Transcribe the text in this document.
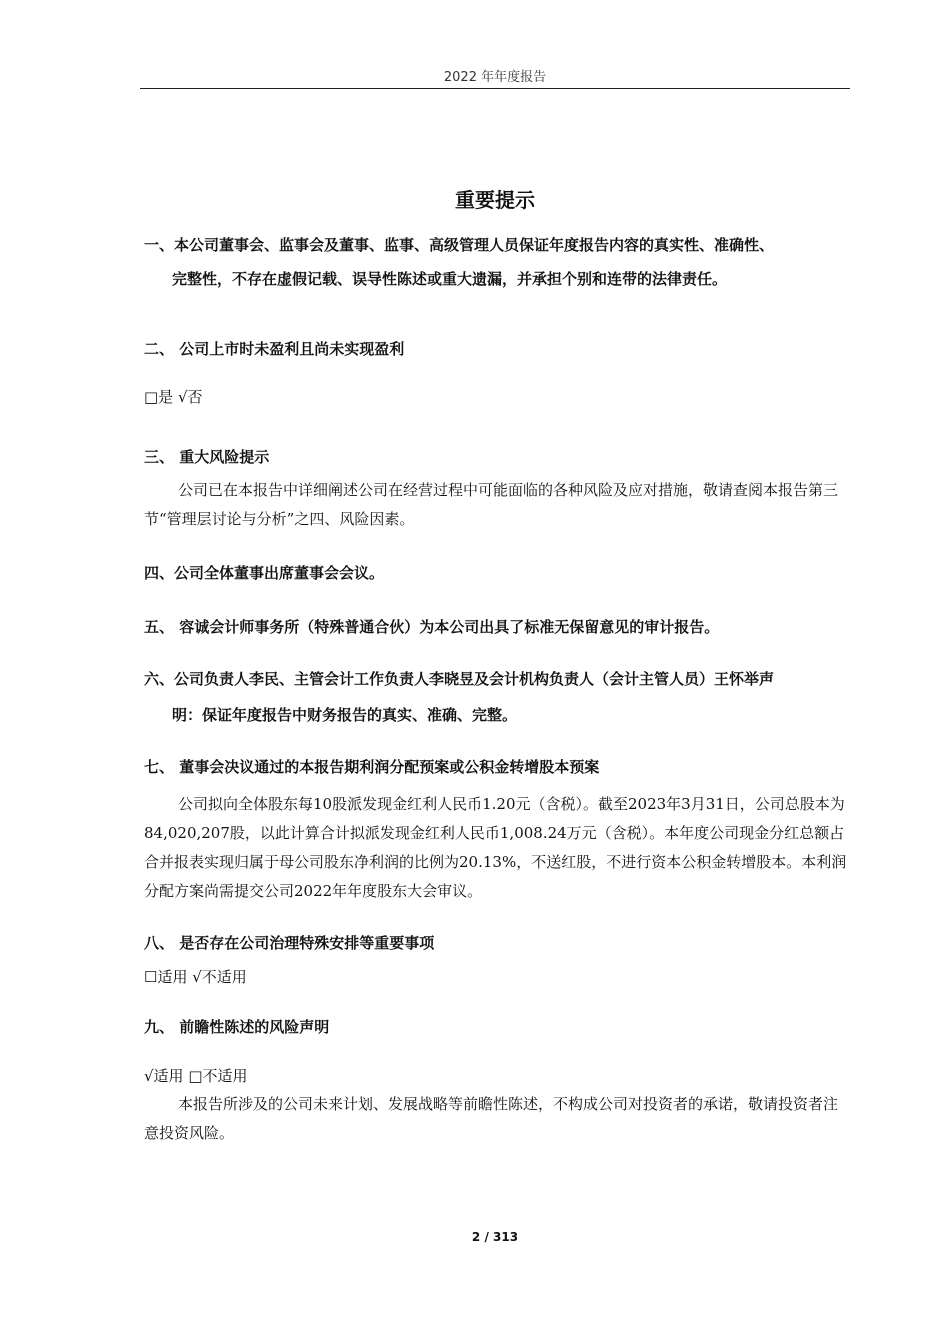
2022 年年度报告
重要提示
一、本公司董事会、监事会及董事、监事、高级管理人员保证年度报告内容的真实性、准确性、
完整性，不存在虚假记载、误导性陈述或重大遗漏，并承担个别和连带的法律责任。
二、 公司上市时未盈利且尚未实现盈利
□是 √否
三、 重大风险提示
公司已在本报告中详细阐述公司在经营过程中可能面临的各种风险及应对措施，敬请查阅本报告第三节“管理层讨论与分析”之四、风险因素。
四、公司全体董事出席董事会会议。
五、 容诚会计师事务所（特殊普通合伙）为本公司出具了标准无保留意见的审计报告。
六、公司负责人李民、主管会计工作负责人李晓昱及会计机构负责人（会计主管人员）王怀举声
明：保证年度报告中财务报告的真实、准确、完整。
七、 董事会决议通过的本报告期利润分配预案或公积金转增股本预案
公司拟向全体股东每10股派发现金红利人民币1.20元（含税）。截至2023年3月31日，公司总股本为84,020,207股，以此计算合计拟派发现金红利人民币1,008.24万元（含税）。本年度公司现金分红总额占合并报表实现归属于母公司股东净利润的比例为20.13%，不送红股，不进行资本公积金转增股本。本利润分配方案尚需提交公司2022年年度股东大会审议。
八、 是否存在公司治理特殊安排等重要事项
☐适用 √不适用
九、 前瞻性陈述的风险声明
√适用 □不适用
本报告所涉及的公司未来计划、发展战略等前瞻性陈述，不构成公司对投资者的承诺，敬请投资者注意投资风险。
2 / 313
